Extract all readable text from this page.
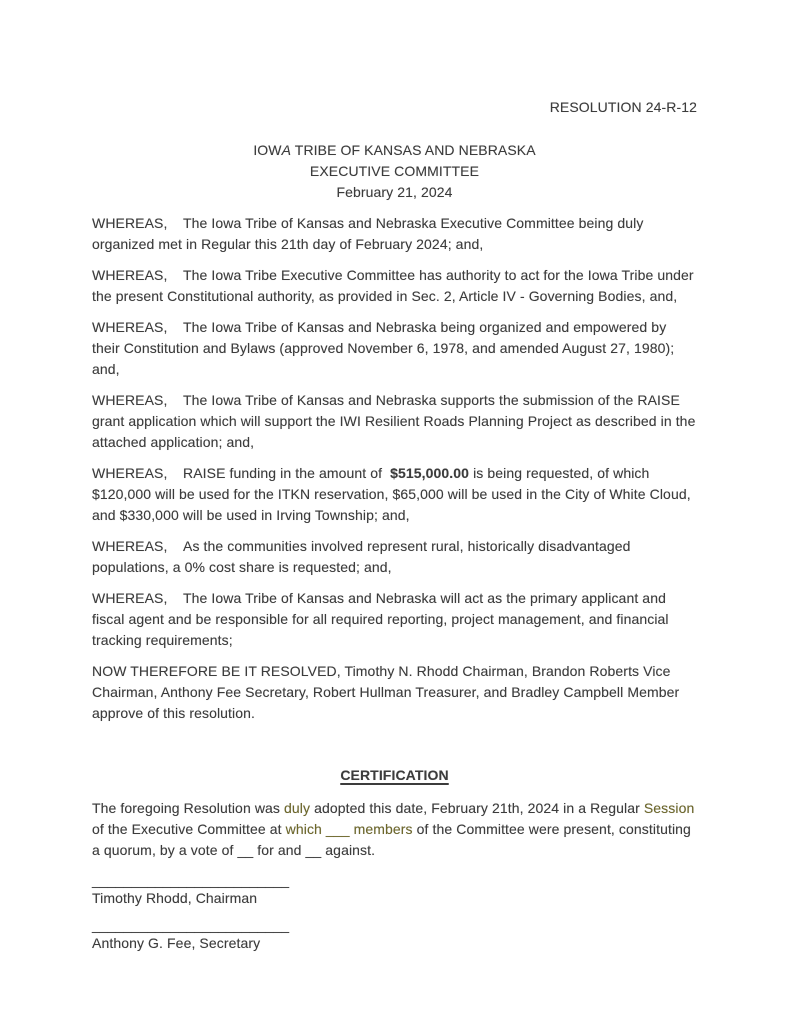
RESOLUTION 24-R-12
IOWA TRIBE OF KANSAS AND NEBRASKA
EXECUTIVE COMMITTEE
February 21, 2024

WHEREAS, The Iowa Tribe of Kansas and Nebraska Executive Committee being duly organized met in Regular this 21th day of February 2024; and,

WHEREAS, The Iowa Tribe Executive Committee has authority to act for the Iowa Tribe under the present Constitutional authority, as provided in Sec. 2, Article IV - Governing Bodies, and,

WHEREAS, The Iowa Tribe of Kansas and Nebraska being organized and empowered by their Constitution and Bylaws (approved November 6, 1978, and amended August 27, 1980); and,

WHEREAS, The Iowa Tribe of Kansas and Nebraska supports the submission of the RAISE grant application which will support the IWI Resilient Roads Planning Project as described in the attached application; and,

WHEREAS, RAISE funding in the amount of  $515,000.00 is being requested, of which $120,000 will be used for the ITKN reservation, $65,000 will be used in the City of White Cloud, and $330,000 will be used in Irving Township; and,

WHEREAS, As the communities involved represent rural, historically disadvantaged populations, a 0% cost share is requested; and,

WHEREAS, The Iowa Tribe of Kansas and Nebraska will act as the primary applicant and fiscal agent and be responsible for all required reporting, project management, and financial tracking requirements;

NOW THEREFORE BE IT RESOLVED, Timothy N. Rhodd Chairman, Brandon Roberts Vice Chairman, Anthony Fee Secretary, Robert Hullman Treasurer, and Bradley Campbell Member approve of this resolution.

CERTIFICATION

The foregoing Resolution was duly adopted this date, February 21th, 2024 in a Regular Session of the Executive Committee at which ___ members of the Committee were present, constituting a quorum, by a vote of __ for and __ against.

_________________________
Timothy Rhodd, Chairman
_________________________
Anthony G. Fee, Secretary
